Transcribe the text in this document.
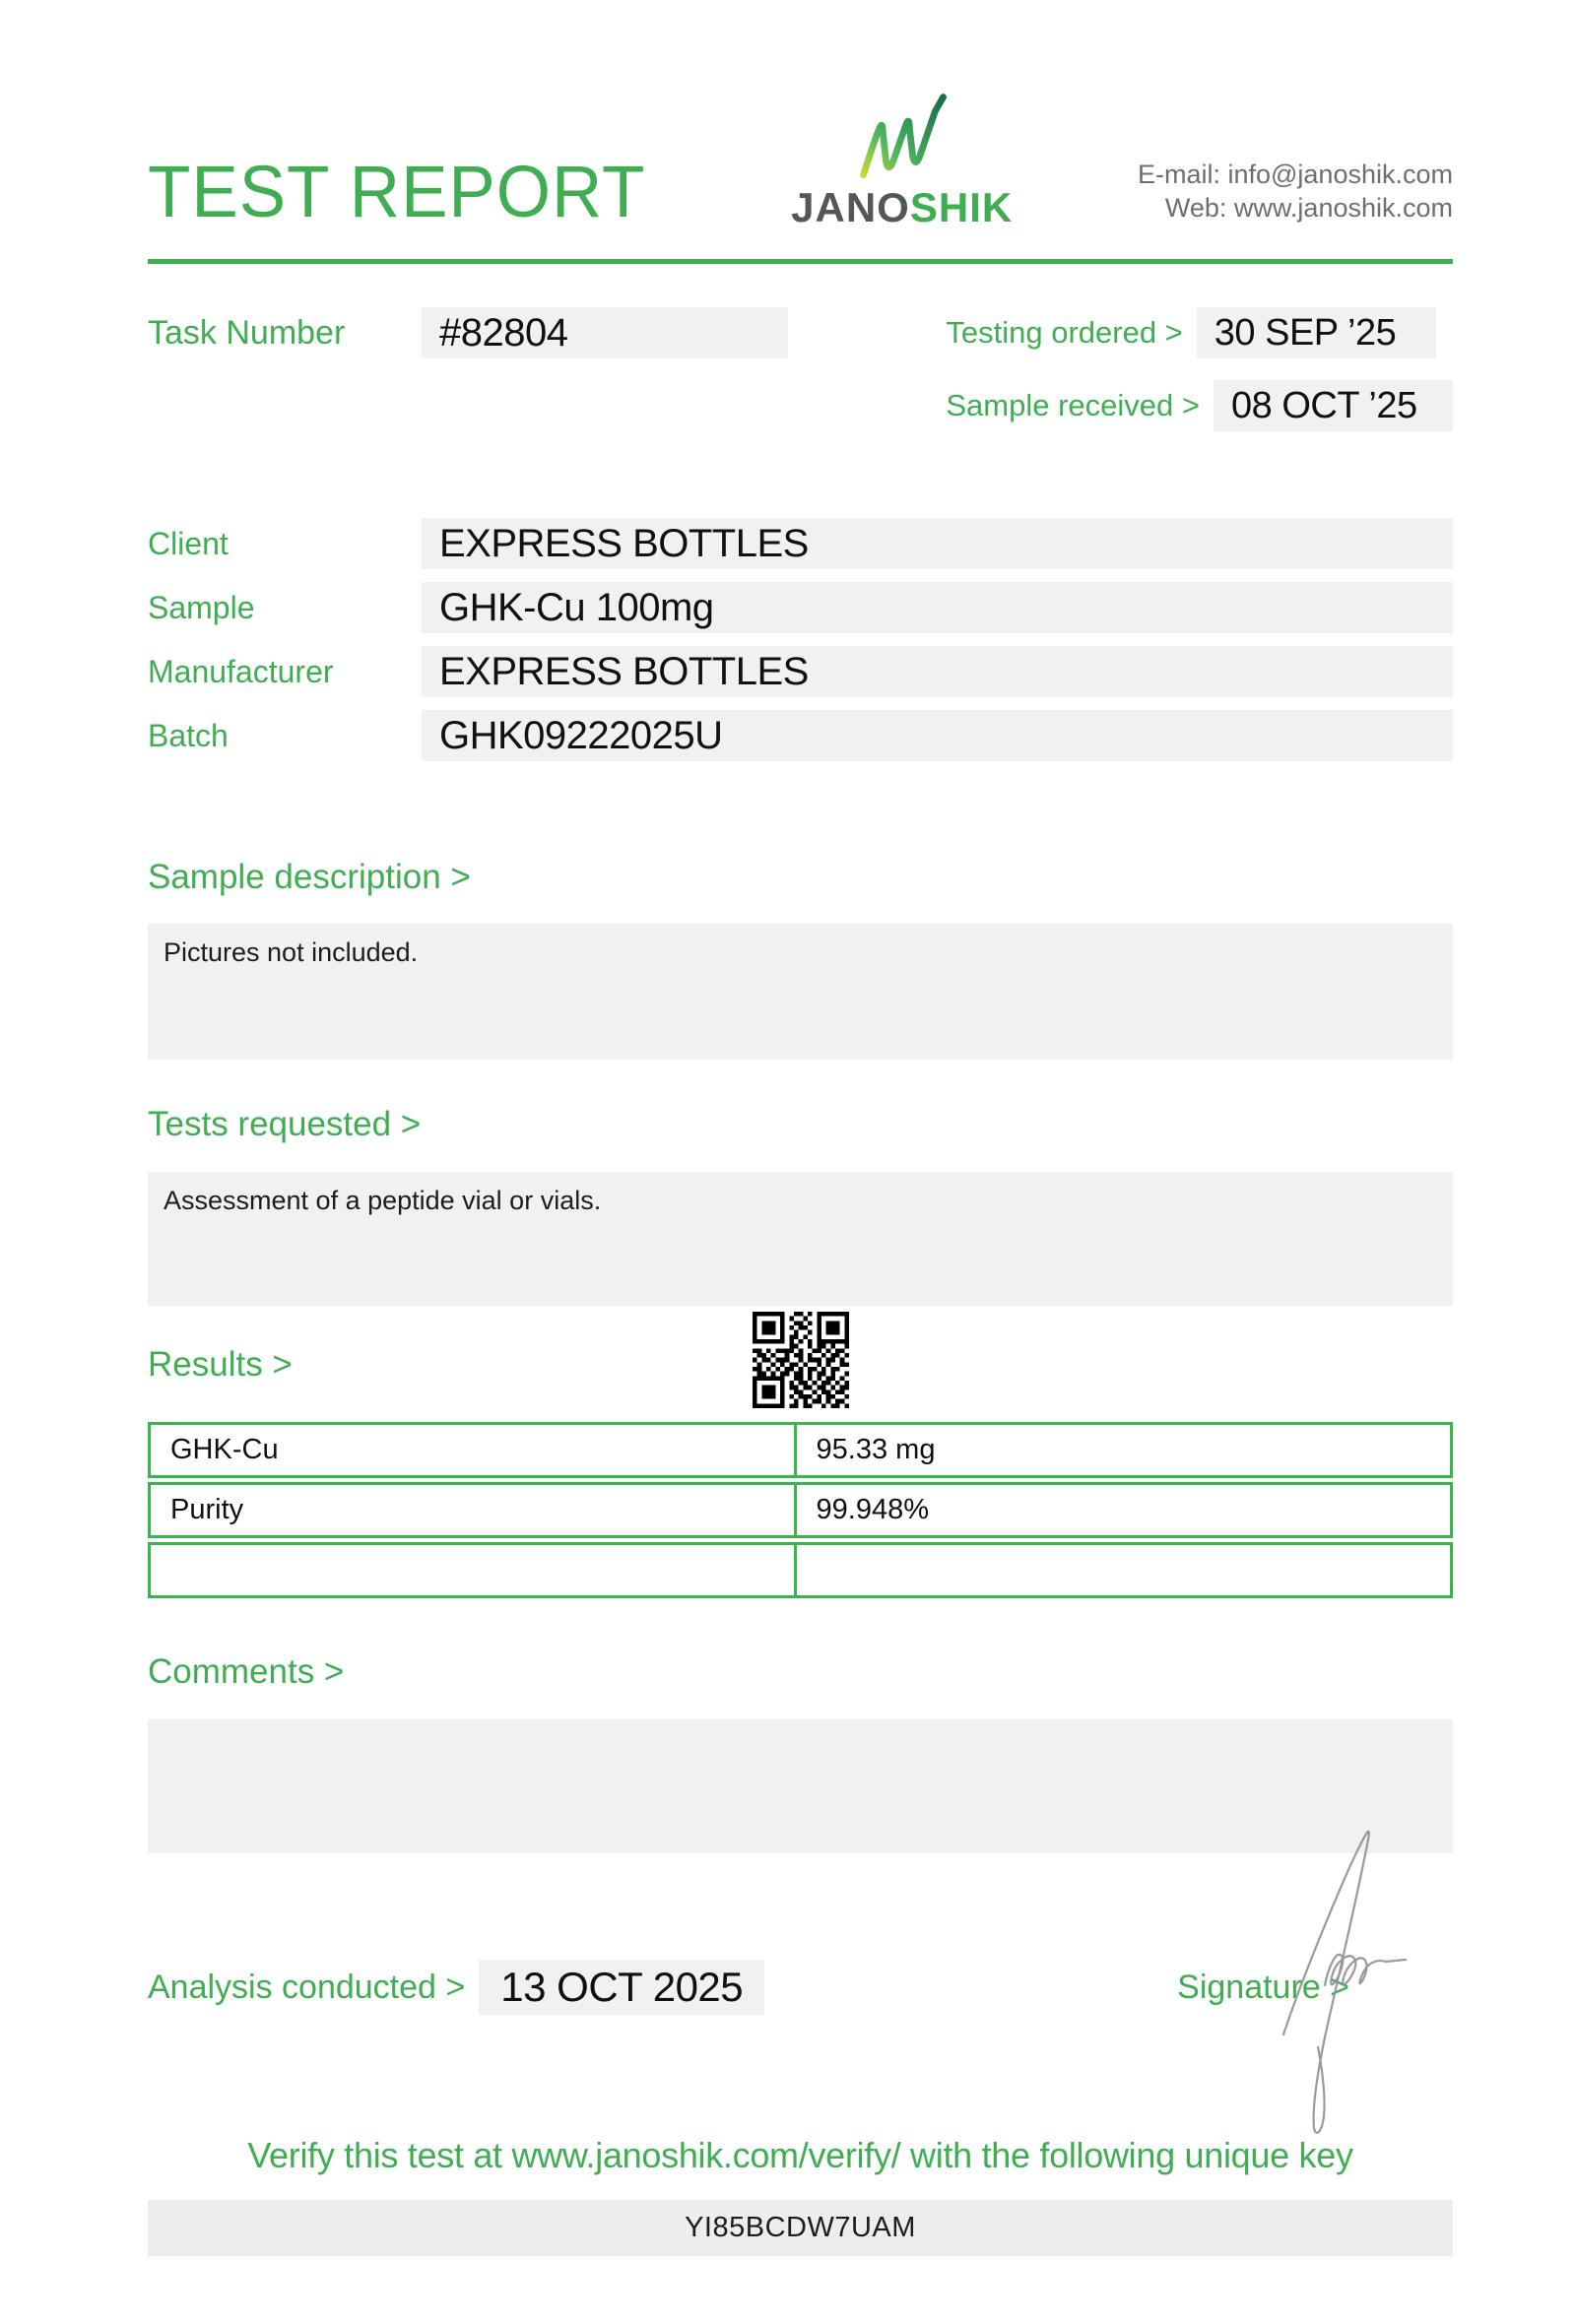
TEST REPORT	JANOSHIK
E-mail: info@janoshik.com
Web: www.janoshik.com
Task Number	#82804	Testing ordered > 30 SEP ’25
Sample received > 08 OCT ’25
Client	EXPRESS BOTTLES
Sample	GHK-Cu 100mg
Manufacturer	EXPRESS BOTTLES
Batch	GHK09222025U
Sample description >
Pictures not included.
Tests requested >
Assessment of a peptide vial or vials.
Results >
GHK-Cu	95.33 mg
Purity	99.948%
Comments >
Analysis conducted > 13 OCT 2025	Signature >
Verify this test at www.janoshik.com/verify/ with the following unique key
YI85BCDW7UAM
